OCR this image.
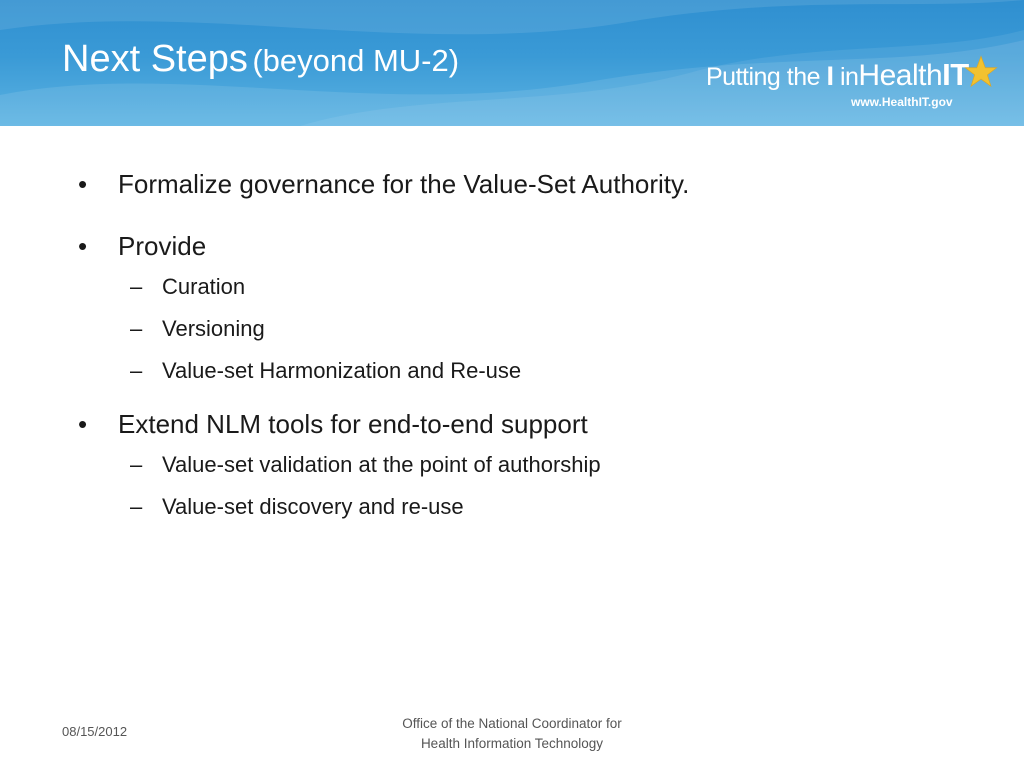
Next Steps (beyond MU-2)	Putting the I inHealthIT
www.HealthIT.gov
• Formalize governance for the Value-Set Authority.
• Provide
– Curation
– Versioning
– Value-set Harmonization and Re-use
• Extend NLM tools for end-to-end support
– Value-set validation at the point of authorship
– Value-set discovery and re-use
08/15/2012
Office of the National Coordinator for
Health Information Technology
